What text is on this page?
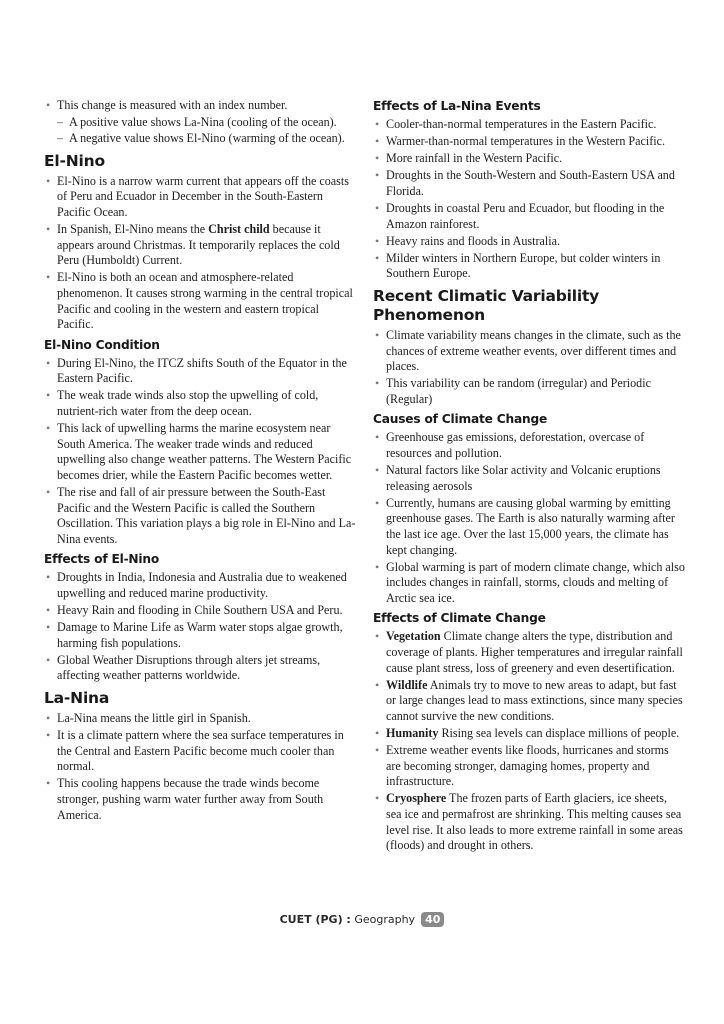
• This change is measured with an index number.
– A positive value shows La-Nina (cooling of the ocean).
– A negative value shows El-Nino (warming of the ocean).
El-Nino
• El-Nino is a narrow warm current that appears off the coasts of Peru and Ecuador in December in the South-Eastern Pacific Ocean.
• In Spanish, El-Nino means the Christ child because it appears around Christmas. It temporarily replaces the cold Peru (Humboldt) Current.
• El-Nino is both an ocean and atmosphere-related phenomenon. It causes strong warming in the central tropical Pacific and cooling in the western and eastern tropical Pacific.
El-Nino Condition
• During El-Nino, the ITCZ shifts South of the Equator in the Eastern Pacific.
• The weak trade winds also stop the upwelling of cold, nutrient-rich water from the deep ocean.
• This lack of upwelling harms the marine ecosystem near South America. The weaker trade winds and reduced upwelling also change weather patterns. The Western Pacific becomes drier, while the Eastern Pacific becomes wetter.
• The rise and fall of air pressure between the South-East Pacific and the Western Pacific is called the Southern Oscillation. This variation plays a big role in El-Nino and La-Nina events.
Effects of El-Nino
• Droughts in India, Indonesia and Australia due to weakened upwelling and reduced marine productivity.
• Heavy Rain and flooding in Chile Southern USA and Peru.
• Damage to Marine Life as Warm water stops algae growth, harming fish populations.
• Global Weather Disruptions through alters jet streams, affecting weather patterns worldwide.
La-Nina
• La-Nina means the little girl in Spanish.
• It is a climate pattern where the sea surface temperatures in the Central and Eastern Pacific become much cooler than normal.
• This cooling happens because the trade winds become stronger, pushing warm water further away from South America.
Effects of La-Nina Events
• Cooler-than-normal temperatures in the Eastern Pacific.
• Warmer-than-normal temperatures in the Western Pacific.
• More rainfall in the Western Pacific.
• Droughts in the South-Western and South-Eastern USA and Florida.
• Droughts in coastal Peru and Ecuador, but flooding in the Amazon rainforest.
• Heavy rains and floods in Australia.
• Milder winters in Northern Europe, but colder winters in Southern Europe.
Recent Climatic Variability Phenomenon
• Climate variability means changes in the climate, such as the chances of extreme weather events, over different times and places.
• This variability can be random (irregular) and Periodic (Regular)
Causes of Climate Change
• Greenhouse gas emissions, deforestation, overcase of resources and pollution.
• Natural factors like Solar activity and Volcanic eruptions releasing aerosols
• Currently, humans are causing global warming by emitting greenhouse gases. The Earth is also naturally warming after the last ice age. Over the last 15,000 years, the climate has kept changing.
• Global warming is part of modern climate change, which also includes changes in rainfall, storms, clouds and melting of Arctic sea ice.
Effects of Climate Change
• Vegetation Climate change alters the type, distribution and coverage of plants. Higher temperatures and irregular rainfall cause plant stress, loss of greenery and even desertification.
• Wildlife Animals try to move to new areas to adapt, but fast or large changes lead to mass extinctions, since many species cannot survive the new conditions.
• Humanity Rising sea levels can displace millions of people.
• Extreme weather events like floods, hurricanes and storms are becoming stronger, damaging homes, property and infrastructure.
• Cryosphere The frozen parts of Earth glaciers, ice sheets, sea ice and permafrost are shrinking. This melting causes sea level rise. It also leads to more extreme rainfall in some areas (floods) and drought in others.
CUET (PG) : Geography 40
